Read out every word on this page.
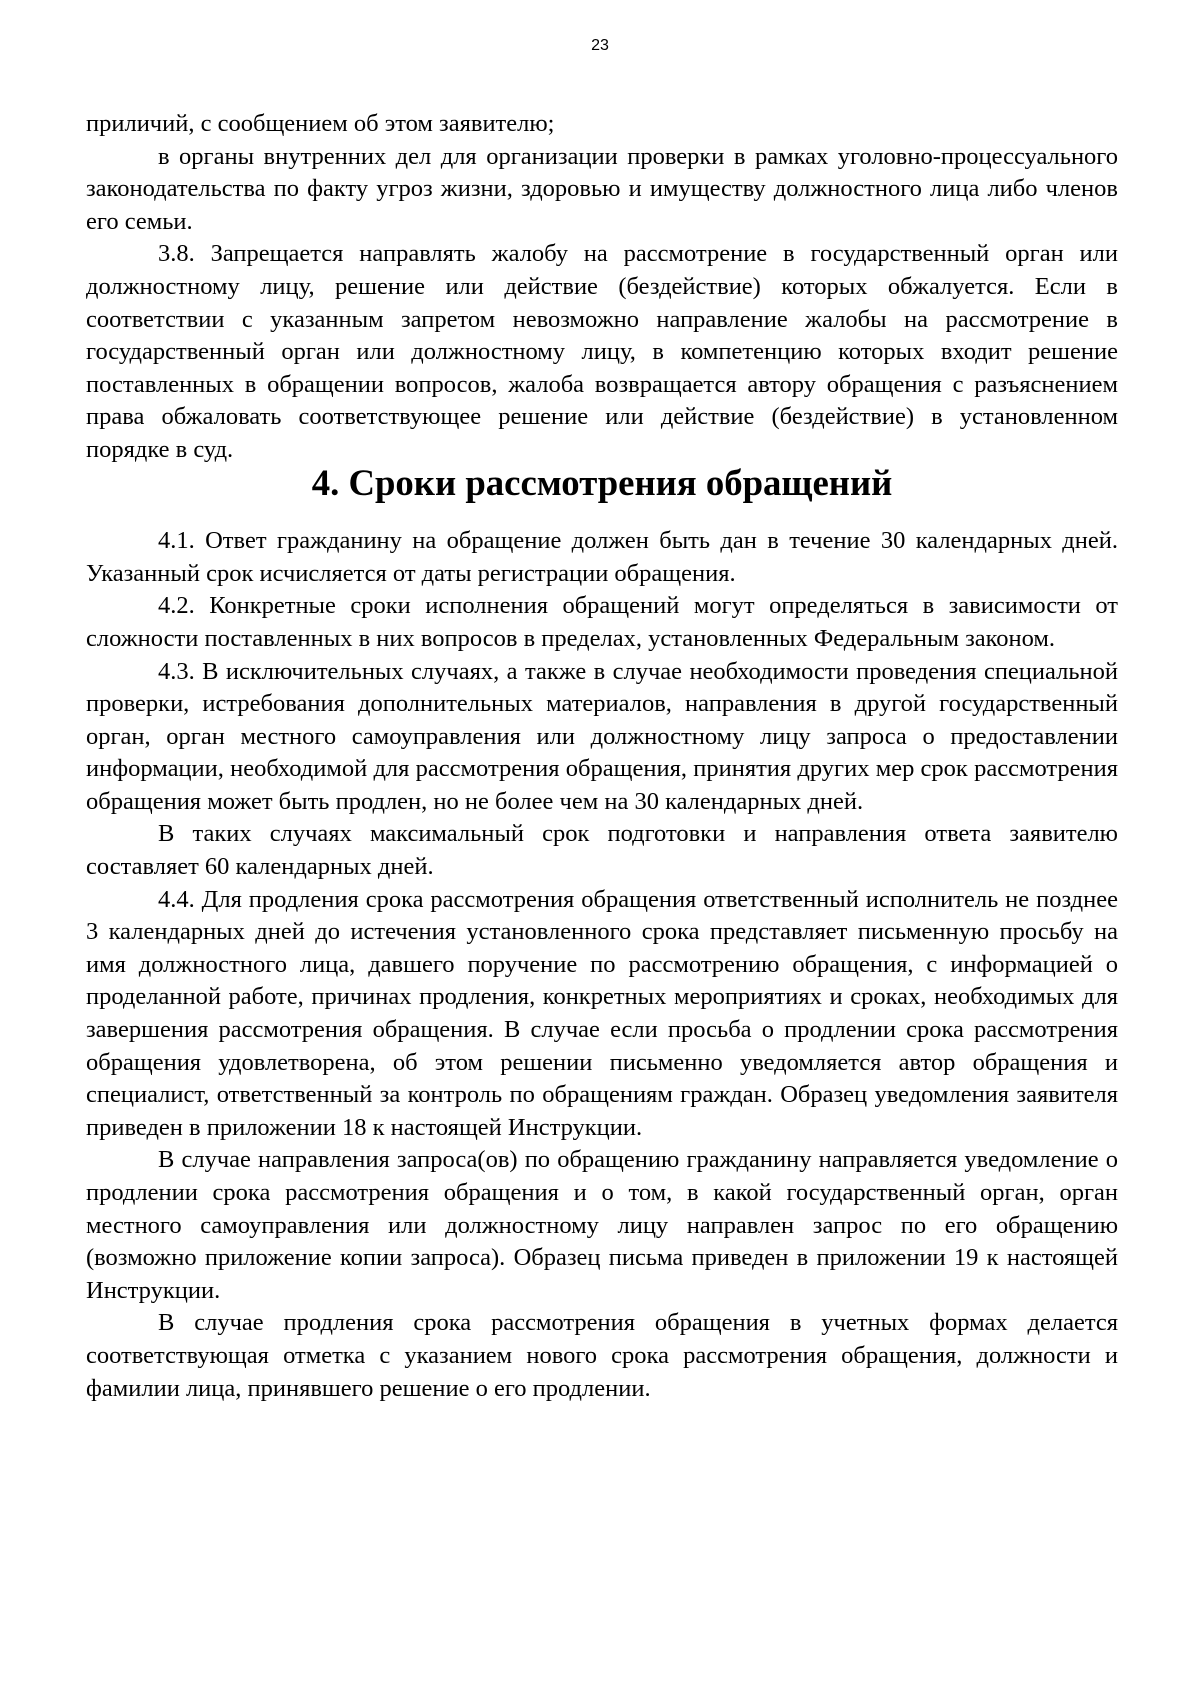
23

приличий, с сообщением об этом заявителю;

в органы внутренних дел для организации проверки в рамках уголовно-процессуального законодательства по факту угроз жизни, здоровью и имуществу должностного лица либо членов его семьи.

3.8. Запрещается направлять жалобу на рассмотрение в государственный орган или должностному лицу, решение или действие (бездействие) которых обжалуется. Если в соответствии с указанным запретом невозможно направление жалобы на рассмотрение в государственный орган или должностному лицу, в компетенцию которых входит решение поставленных в обращении вопросов, жалоба возвращается автору обращения с разъяснением права обжаловать соответствующее решение или действие (бездействие) в установленном порядке в суд.

4. Сроки рассмотрения обращений

4.1. Ответ гражданину на обращение должен быть дан в течение 30 календарных дней. Указанный срок исчисляется от даты регистрации обращения.

4.2. Конкретные сроки исполнения обращений могут определяться в зависимости от сложности поставленных в них вопросов в пределах, установленных Федеральным законом.

4.3. В исключительных случаях, а также в случае необходимости проведения специальной проверки, истребования дополнительных материалов, направления в другой государственный орган, орган местного самоуправления или должностному лицу запроса о предоставлении информации, необходимой для рассмотрения обращения, принятия других мер срок рассмотрения обращения может быть продлен, но не более чем на 30 календарных дней.

В таких случаях максимальный срок подготовки и направления ответа заявителю составляет 60 календарных дней.

4.4. Для продления срока рассмотрения обращения ответственный исполнитель не позднее 3 календарных дней до истечения установленного срока представляет письменную просьбу на имя должностного лица, давшего поручение по рассмотрению обращения, с информацией о проделанной работе, причинах продления, конкретных мероприятиях и сроках, необходимых для завершения рассмотрения обращения. В случае если просьба о продлении срока рассмотрения обращения удовлетворена, об этом решении письменно уведомляется автор обращения и специалист, ответственный за контроль по обращениям граждан. Образец уведомления заявителя приведен в приложении 18 к настоящей Инструкции.

В случае направления запроса(ов) по обращению гражданину направляется уведомление о продлении срока рассмотрения обращения и о том, в какой государственный орган, орган местного самоуправления или должностному лицу направлен запрос по его обращению (возможно приложение копии запроса). Образец письма приведен в приложении 19 к настоящей Инструкции.

В случае продления срока рассмотрения обращения в учетных формах делается соответствующая отметка с указанием нового срока рассмотрения обращения, должности и фамилии лица, принявшего решение о его продлении.
